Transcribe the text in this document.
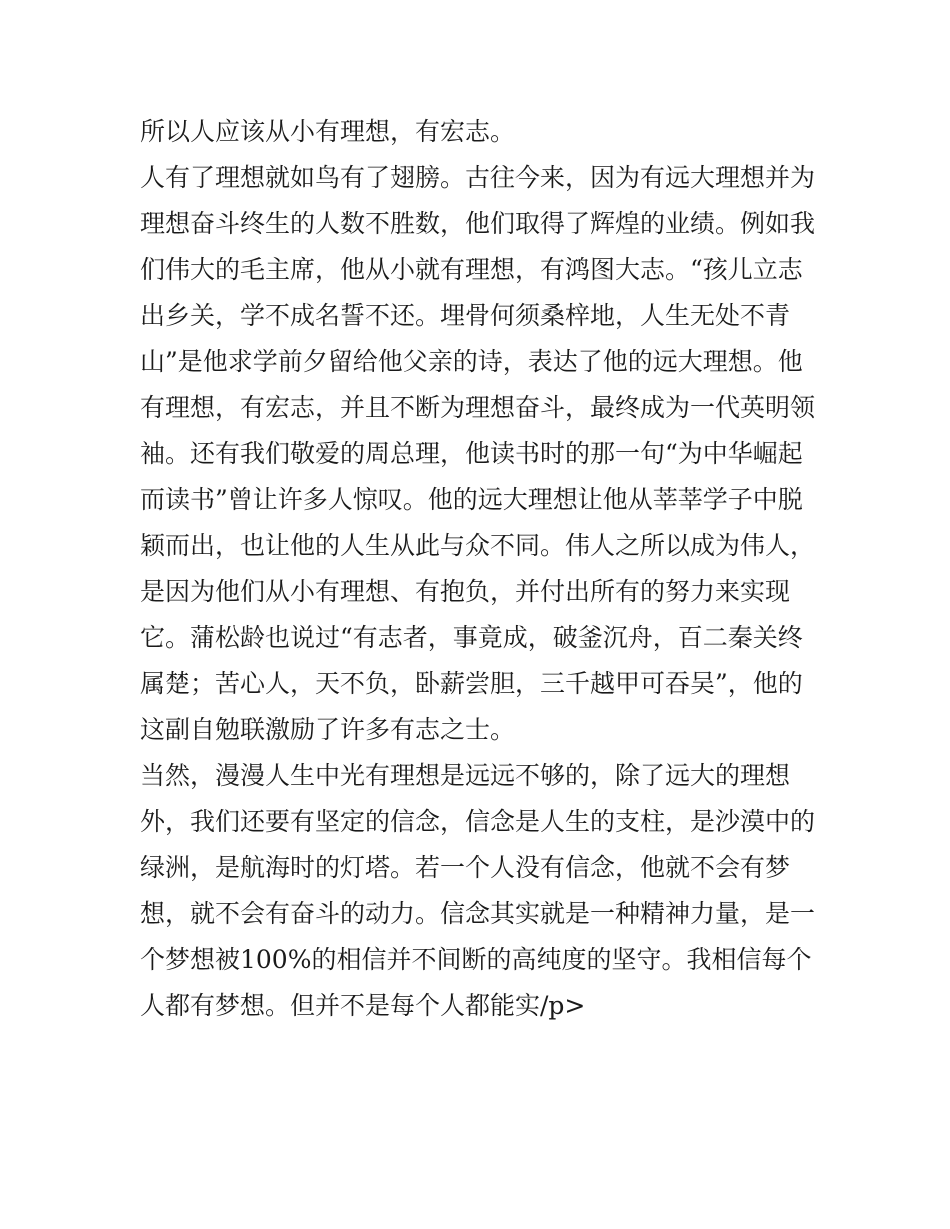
所以人应该从小有理想，有宏志。
人有了理想就如鸟有了翅膀。古往今来，因为有远大理想并为
理想奋斗终生的人数不胜数，他们取得了辉煌的业绩。例如我
们伟大的毛主席，他从小就有理想，有鸿图大志。“孩儿立志
出乡关，学不成名誓不还。埋骨何须桑梓地，人生无处不青
山”是他求学前夕留给他父亲的诗，表达了他的远大理想。他
有理想，有宏志，并且不断为理想奋斗，最终成为一代英明领
袖。还有我们敬爱的周总理，他读书时的那一句“为中华崛起
而读书”曾让许多人惊叹。他的远大理想让他从莘莘学子中脱
颖而出，也让他的人生从此与众不同。伟人之所以成为伟人，
是因为他们从小有理想、有抱负，并付出所有的努力来实现
它。蒲松龄也说过“有志者，事竟成，破釜沉舟，百二秦关终
属楚；苦心人，天不负，卧薪尝胆，三千越甲可吞吴”，他的
这副自勉联激励了许多有志之士。
当然，漫漫人生中光有理想是远远不够的，除了远大的理想
外，我们还要有坚定的信念，信念是人生的支柱，是沙漠中的
绿洲，是航海时的灯塔。若一个人没有信念，他就不会有梦
想，就不会有奋斗的动力。信念其实就是一种精神力量，是一
个梦想被100%的相信并不间断的高纯度的坚守。我相信每个
人都有梦想。但并不是每个人都能实/p>
